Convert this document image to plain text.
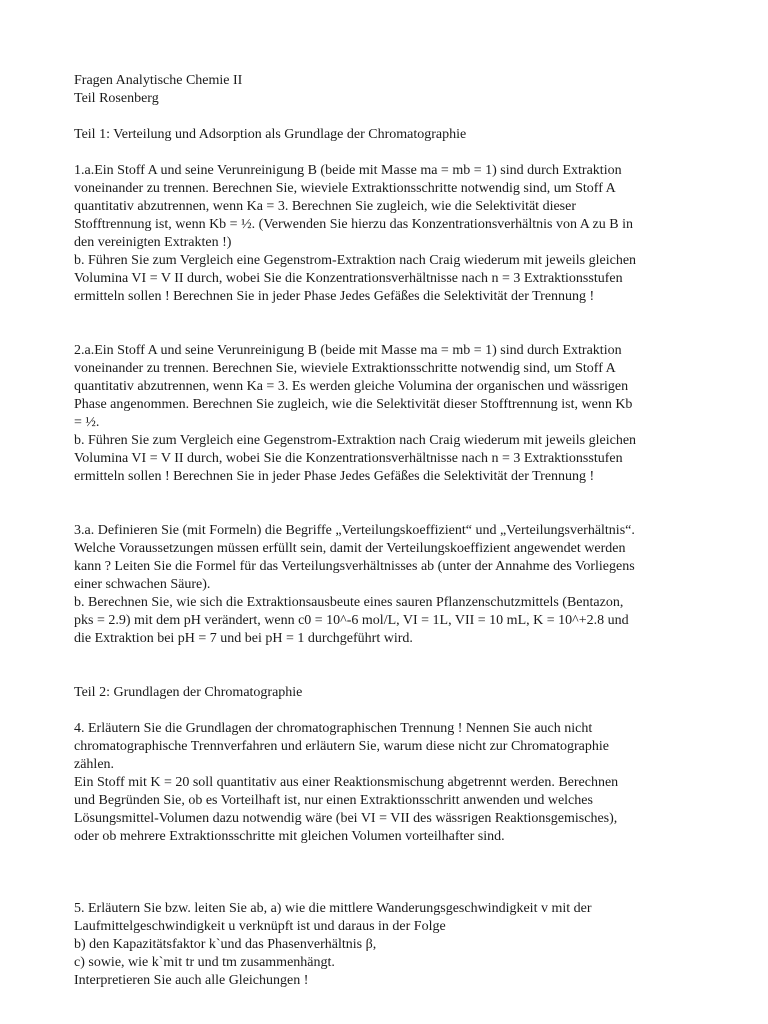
Fragen Analytische Chemie II
Teil Rosenberg
Teil 1: Verteilung und Adsorption als Grundlage der Chromatographie
1.a.Ein Stoff A und seine Verunreinigung B (beide mit Masse ma = mb = 1) sind durch Extraktion
voneinander zu trennen. Berechnen Sie, wieviele Extraktionsschritte notwendig sind, um Stoff A
quantitativ abzutrennen, wenn Ka = 3. Berechnen Sie zugleich, wie die Selektivität dieser
Stofftrennung ist, wenn Kb = ½. (Verwenden Sie hierzu das Konzentrationsverhältnis von A zu B in
den vereinigten Extrakten !)
b. Führen Sie zum Vergleich eine Gegenstrom-Extraktion nach Craig wiederum mit jeweils gleichen
Volumina VI = V II durch, wobei Sie die Konzentrationsverhältnisse nach n = 3 Extraktionsstufen
ermitteln sollen ! Berechnen Sie in jeder Phase Jedes Gefäßes die Selektivität der Trennung !
2.a.Ein Stoff A und seine Verunreinigung B (beide mit Masse ma = mb = 1) sind durch Extraktion
voneinander zu trennen. Berechnen Sie, wieviele Extraktionsschritte notwendig sind, um Stoff A
quantitativ abzutrennen, wenn Ka = 3. Es werden gleiche Volumina der organischen und wässrigen
Phase angenommen. Berechnen Sie zugleich, wie die Selektivität dieser Stofftrennung ist, wenn Kb
= ½.
b. Führen Sie zum Vergleich eine Gegenstrom-Extraktion nach Craig wiederum mit jeweils gleichen
Volumina VI = V II durch, wobei Sie die Konzentrationsverhältnisse nach n = 3 Extraktionsstufen
ermitteln sollen ! Berechnen Sie in jeder Phase Jedes Gefäßes die Selektivität der Trennung !
3.a. Definieren Sie (mit Formeln) die Begriffe „Verteilungskoeffizient“ und „Verteilungsverhältnis“.
Welche Voraussetzungen müssen erfüllt sein, damit der Verteilungskoeffizient angewendet werden
kann ? Leiten Sie die Formel für das Verteilungsverhältnisses ab (unter der Annahme des Vorliegens
einer schwachen Säure).
b. Berechnen Sie, wie sich die Extraktionsausbeute eines sauren Pflanzenschutzmittels (Bentazon,
pks = 2.9) mit dem pH verändert, wenn c0 = 10^-6 mol/L, VI = 1L, VII = 10 mL, K = 10^+2.8 und
die Extraktion bei pH = 7 und bei pH = 1 durchgeführt wird.
Teil 2: Grundlagen der Chromatographie
4. Erläutern Sie die Grundlagen der chromatographischen Trennung ! Nennen Sie auch nicht
chromatographische Trennverfahren und erläutern Sie, warum diese nicht zur Chromatographie
zählen.
Ein Stoff mit K = 20 soll quantitativ aus einer Reaktionsmischung abgetrennt werden. Berechnen
und Begründen Sie, ob es Vorteilhaft ist, nur einen Extraktionsschritt anwenden und welches
Lösungsmittel-Volumen dazu notwendig wäre (bei VI = VII des wässrigen Reaktionsgemisches),
oder ob mehrere Extraktionsschritte mit gleichen Volumen vorteilhafter sind.
5. Erläutern Sie bzw. leiten Sie ab, a) wie die mittlere Wanderungsgeschwindigkeit v mit der
Laufmittelgeschwindigkeit u verknüpft ist und daraus in der Folge
b) den Kapazitätsfaktor k`und das Phasenverhältnis β,
c) sowie, wie k`mit tr und tm zusammenhängt.
Interpretieren Sie auch alle Gleichungen !
